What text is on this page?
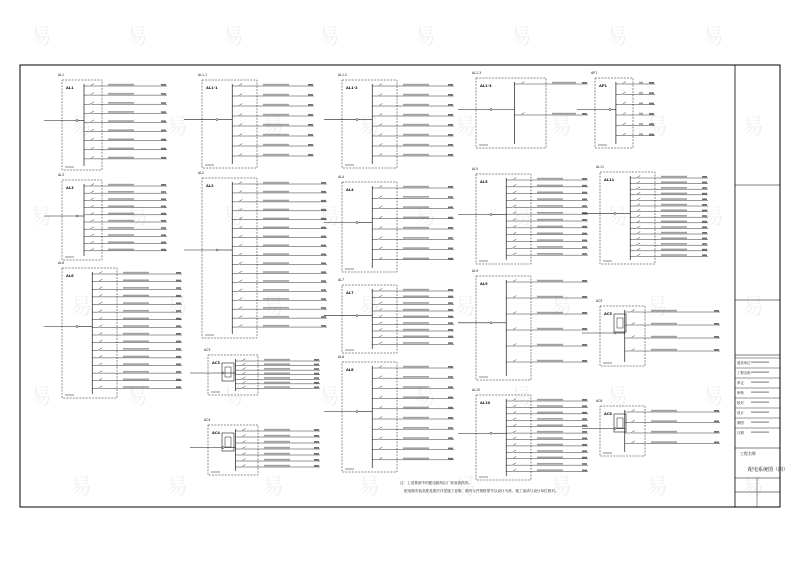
AL1
AL1
AL1-1
AL1-1
AL1-2
AL1-2
AL1-3
AL1-3
AP1
AP1
AL2
AL2
AL3
AL3
AL4
AL4
AL5
AL5
AL6
AL6
AC3
AC3
AC4
AC4
AL7
AL7
AL8
AL8
AL9
AL9
AL10
AL10
AC5
AC5
AC6
AC6
AL11
AL11
建设单位
工程名称
审定
审核
校对
设计
制图
日期
易	易	易	易	易	易	易	易
易	易	易	易	易	易	易	易
易	易	易	易	易	易	易	易
易	易	易	易	易	易	易	易
易	易	易	易	易	易	易	易
易	易	易	易	易	易	易	易
注：上述系统中的配电箱均由厂家成套供货。
配电箱安装高度及做法详见施工说明，箱内元件规格型号以设计为准，施工前请与设计单位核对。
工程名称
配电系统图（四）
